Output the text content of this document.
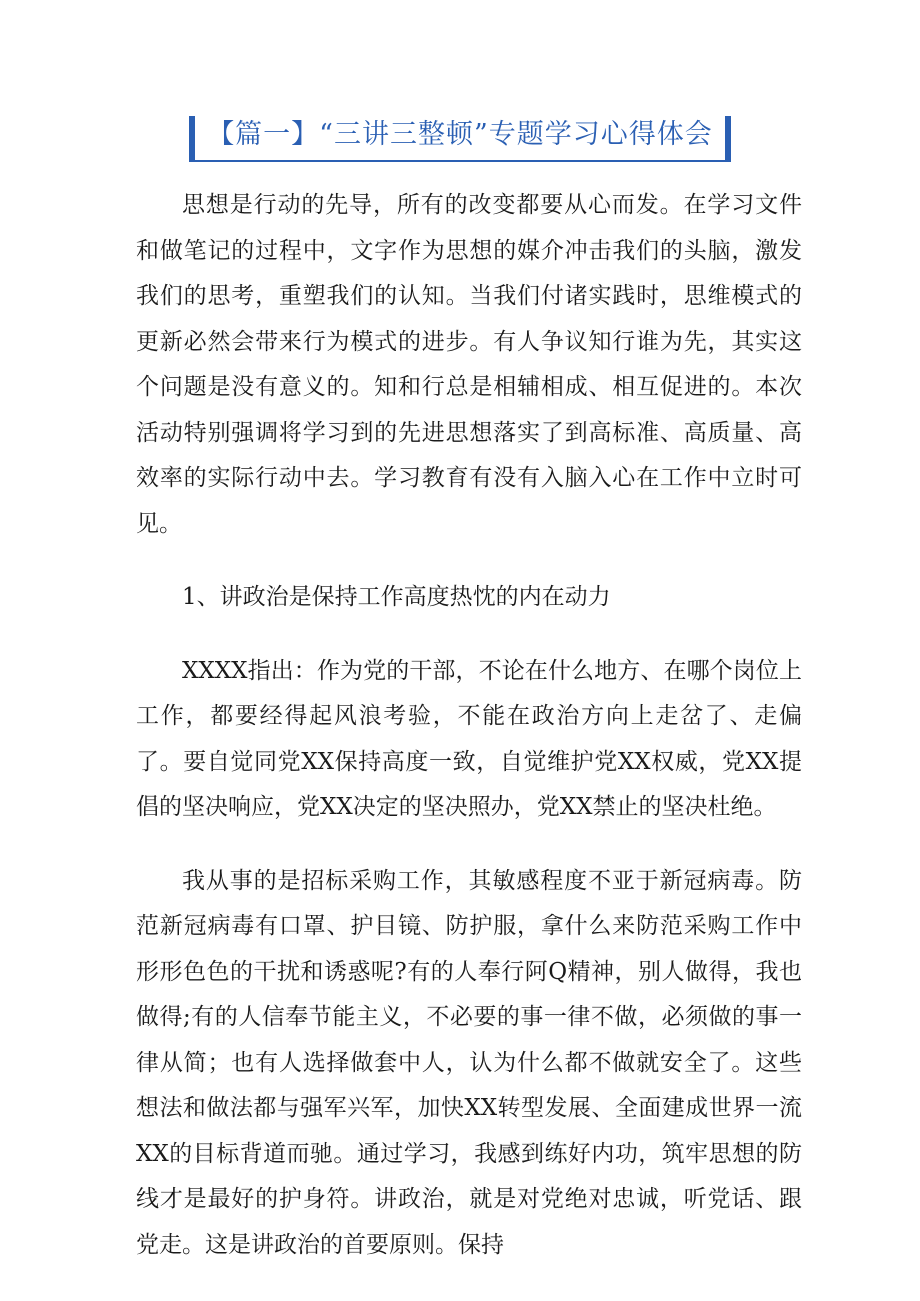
【篇一】“三讲三整顿”专题学习心得体会

思想是行动的先导，所有的改变都要从心而发。在学习文件和做笔记的过程中，文字作为思想的媒介冲击我们的头脑，激发我们的思考，重塑我们的认知。当我们付诸实践时，思维模式的更新必然会带来行为模式的进步。有人争议知行谁为先，其实这个问题是没有意义的。知和行总是相辅相成、相互促进的。本次活动特别强调将学习到的先进思想落实了到高标准、高质量、高效率的实际行动中去。学习教育有没有入脑入心在工作中立时可见。

1、讲政治是保持工作高度热忱的内在动力

XXXX指出：作为党的干部，不论在什么地方、在哪个岗位上工作，都要经得起风浪考验，不能在政治方向上走岔了、走偏了。要自觉同党XX保持高度一致，自觉维护党XX权威，党XX提倡的坚决响应，党XX决定的坚决照办，党XX禁止的坚决杜绝。

我从事的是招标采购工作，其敏感程度不亚于新冠病毒。防范新冠病毒有口罩、护目镜、防护服，拿什么来防范采购工作中形形色色的干扰和诱惑呢?有的人奉行阿Q精神，别人做得，我也做得;有的人信奉节能主义，不必要的事一律不做，必须做的事一律从简；也有人选择做套中人，认为什么都不做就安全了。这些想法和做法都与强军兴军，加快XX转型发展、全面建成世界一流XX的目标背道而驰。通过学习，我感到练好内功，筑牢思想的防线才是最好的护身符。讲政治，就是对党绝对忠诚，听党话、跟党走。这是讲政治的首要原则。保持
